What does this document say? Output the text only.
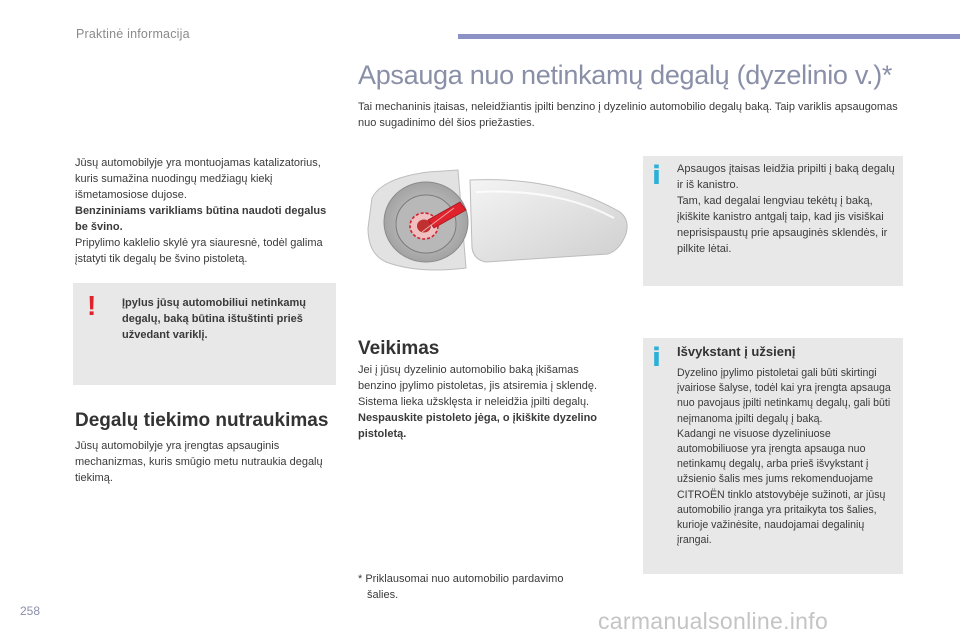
Praktinė informacija
Apsauga nuo netinkamų degalų (dyzelinio v.)*

Tai mechaninis įtaisas, neleidžiantis įpilti benzino į dyzelinio automobilio degalų baką. Taip variklis apsaugomas nuo sugadinimo dėl šios priežasties.

Jūsų automobilyje yra montuojamas katalizatorius, kuris sumažina nuodingų medžiagų kiekį išmetamosiose dujose.

Benzininiams varikliams būtina naudoti degalus be švino.

Pripylimo kaklelio skylė yra siauresnė, todėl galima įstatyti tik degalų be švino pistoletą.

! Įpylus jūsų automobiliui netinkamų degalų, baką būtina ištuštinti prieš užvedant variklį.
Degalų tiekimo nutraukimas

Jūsų automobilyje yra įrengtas apsauginis mechanizmas, kuris smūgio metu nutraukia degalų tiekimą.

i Apsaugos įtaisas leidžia pripilti į baką degalų ir iš kanistro.

Tam, kad degalai lengviau tekėtų į baką, įkiškite kanistro antgalį taip, kad jis visiškai neprisispaustų prie apsauginės sklendės, ir pilkite lėtai.

i Išvykstant į užsienį

Dyzelino įpylimo pistoletai gali būti skirtingi įvairiose šalyse, todėl kai yra įrengta apsauga nuo pavojaus įpilti netinkamų degalų, gali būti neįmanoma įpilti degalų į baką.

Kadangi ne visuose dyzeliniuose automobiliuose yra įrengta apsauga nuo netinkamų degalų, arba prieš išvykstant į užsienio šalis mes jums rekomenduojame CITROËN tinklo atstovybėje sužinoti, ar jūsų automobilio įranga yra pritaikyta tos šalies, kurioje važinėsite, naudojamai degalinių įrangai.

Veikimas

Jei į jūsų dyzelinio automobilio baką įkišamas benzino įpylimo pistoletas, jis atsiremia į sklendę. Sistema lieka užsklęsta ir neleidžia įpilti degalų.

Nespauskite pistoleto jėga, o įkiškite dyzelino pistoletą.

* Priklausomai nuo automobilio pardavimo
šalies.
258	carmanualsonline.info
